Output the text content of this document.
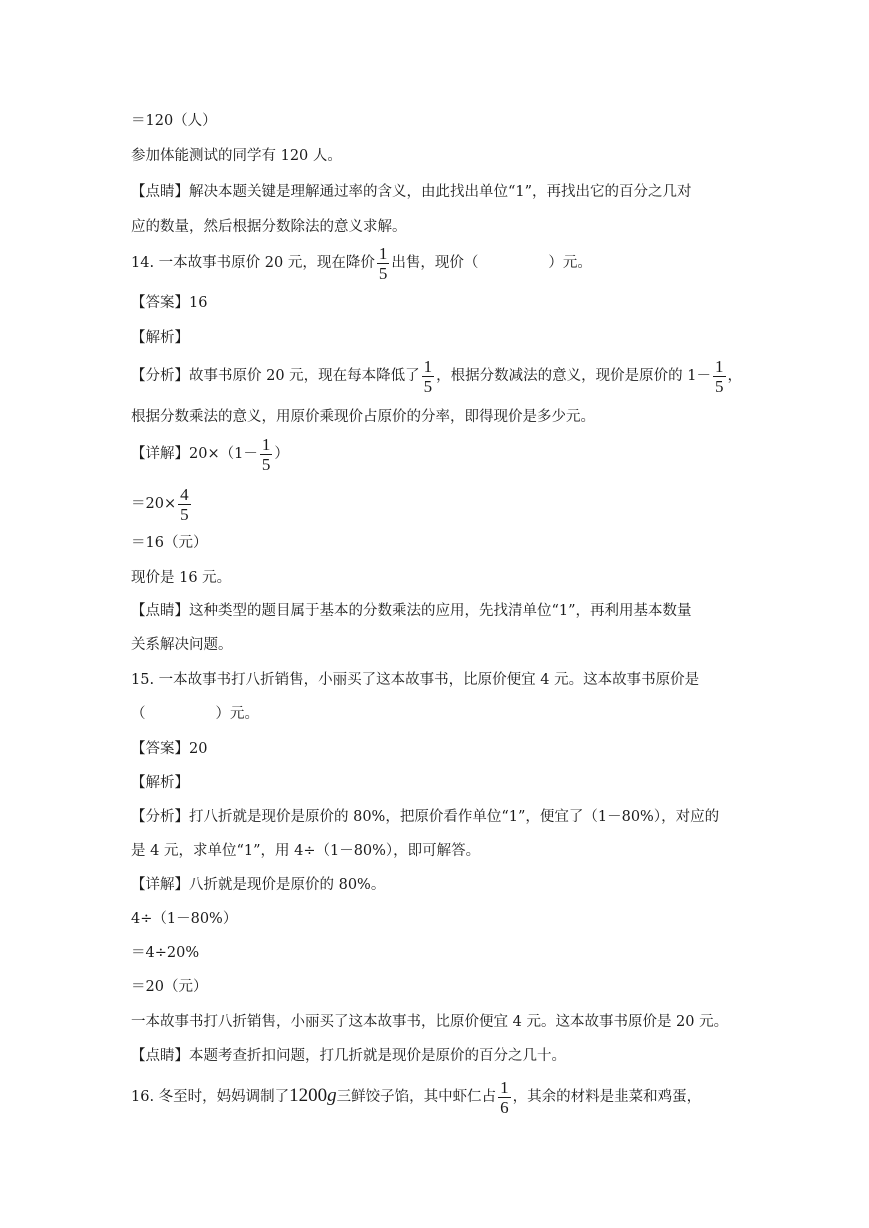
＝120（人）
参加体能测试的同学有 120 人。
【点睛】解决本题关键是理解通过率的含义，由此找出单位“1”，再找出它的百分之几对
应的数量，然后根据分数除法的意义求解。
14. 一本故事书原价 20 元，现在降价 $\frac{1}{5}$ 出售，现价（	）元。
【答案】16
【解析】
【分析】故事书原价 20 元，现在每本降低了 $\frac{1}{5}$ ，根据分数减法的意义，现价是原价的 $1- \frac{1}{5}$ ，
根据分数乘法的意义，用原价乘现价占原价的分率，即得现价是多少元。
【详解】$20\times(1- \frac{1}{5}$ ）
$=20\times \frac{4}{5}$
＝16（元）
现价是 16 元。
【点睛】这种类型的题目属于基本的分数乘法的应用，先找清单位“1”，再利用基本数量
关系解决问题。
15. 一本故事书打八折销售，小丽买了这本故事书，比原价便宜 4 元。这本故事书原价是
（	）元。
【答案】20
【解析】
【分析】打八折就是现价是原价的 80%，把原价看作单位“1”，便宜了（1－80%），对应的
是 4 元，求单位“1”，用 4÷（1－80%），即可解答。
【详解】八折就是现价是原价的 80%。
4÷（1－80%）
＝4÷20%
＝20（元）
一本故事书打八折销售，小丽买了这本故事书，比原价便宜 4 元。这本故事书原价是 20 元。
【点睛】本题考查折扣问题，打几折就是现价是原价的百分之几十。
16. 冬至时，妈妈调制了1200g三鲜饺子馅，其中虾仁占 $\frac{1}{6}$ ，其余的材料是韭菜和鸡蛋，
